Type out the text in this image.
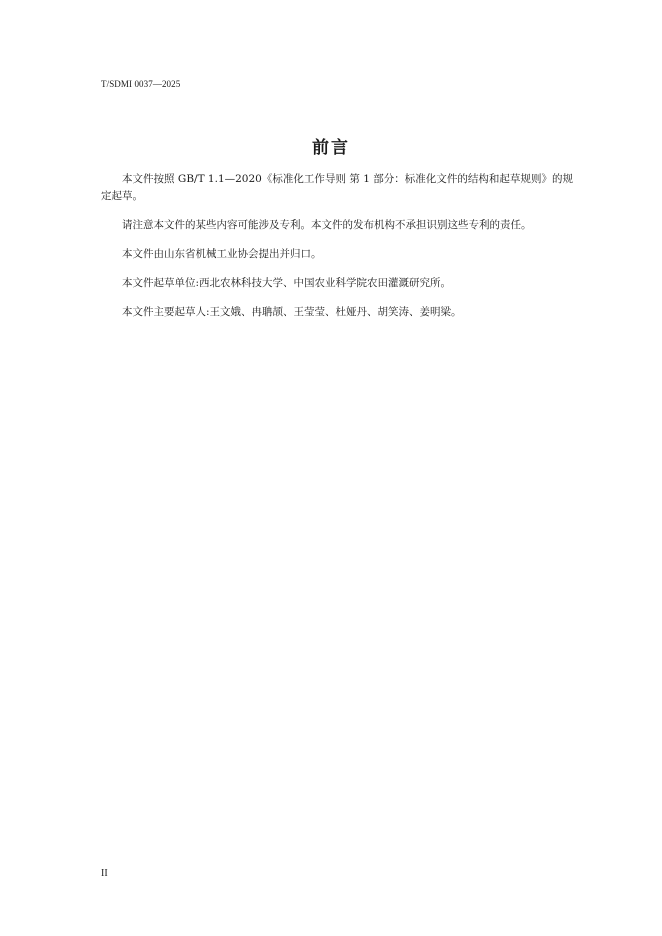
T/SDMI 0037—2025
前言

本文件按照 GB/T 1.1—2020《标准化工作导则 第 1 部分：标准化文件的结构和起草规则》的规定起草。

请注意本文件的某些内容可能涉及专利。本文件的发布机构不承担识别这些专利的责任。

本文件由山东省机械工业协会提出并归口。

本文件起草单位:西北农林科技大学、中国农业科学院农田灌溉研究所。

本文件主要起草人:王文娥、冉聃颉、王莹莹、杜娅丹、胡笑涛、姜明梁。

II
